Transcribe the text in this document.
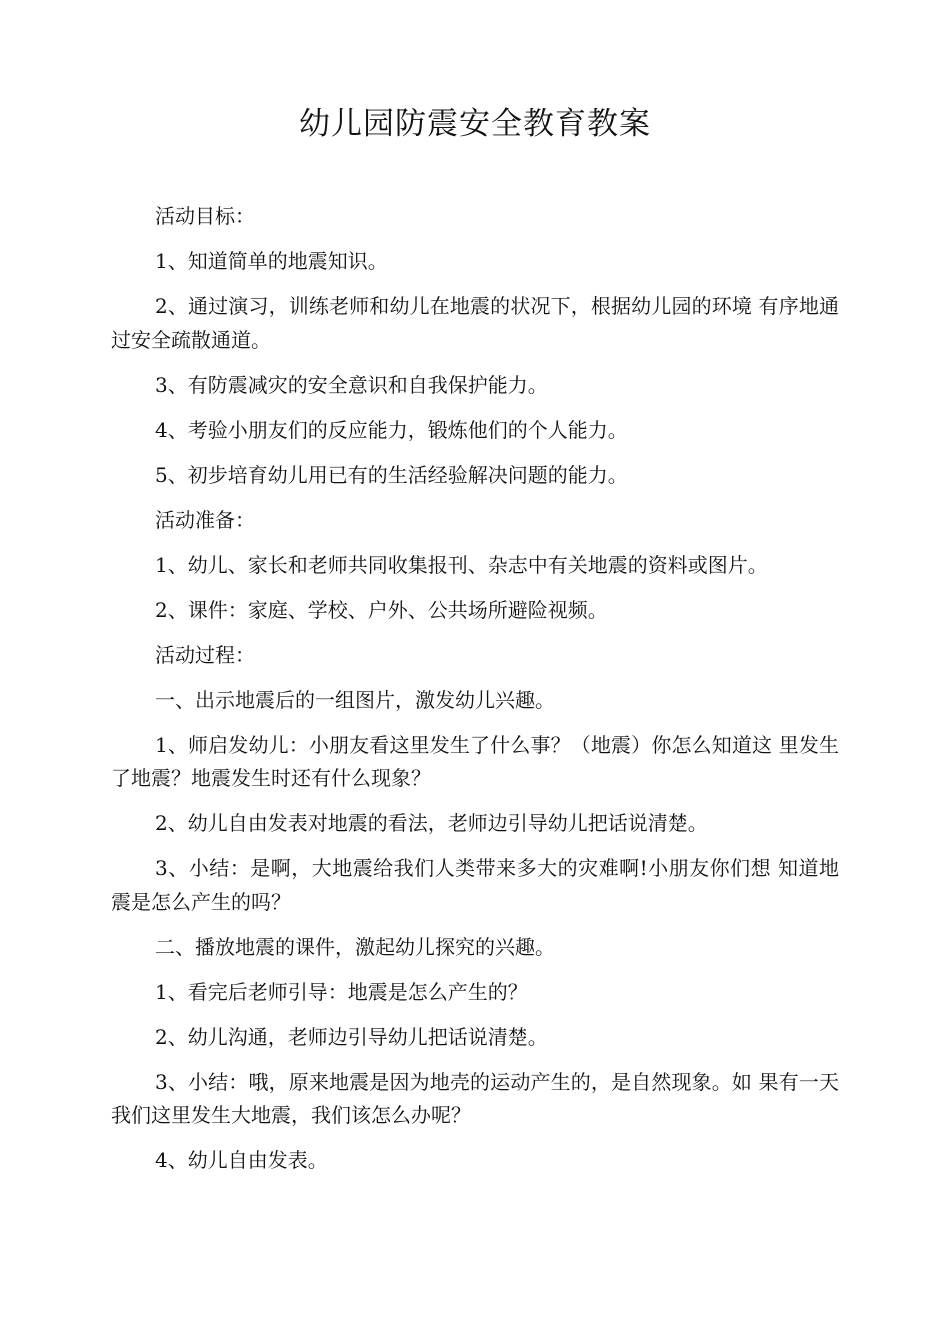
幼儿园防震安全教育教案

活动目标：

1、知道简单的地震知识。

2、通过演习，训练老师和幼儿在地震的状况下，根据幼儿园的环境 有序地通过安全疏散通道。

3、有防震减灾的安全意识和自我保护能力。

4、考验小朋友们的反应能力，锻炼他们的个人能力。

5、初步培育幼儿用已有的生活经验解决问题的能力。

活动准备：

1、幼儿、家长和老师共同收集报刊、杂志中有关地震的资料或图片。

2、课件：家庭、学校、户外、公共场所避险视频。

活动过程：

一、出示地震后的一组图片，激发幼儿兴趣。

1、师启发幼儿：小朋友看这里发生了什么事？（地震）你怎么知道这 里发生了地震？地震发生时还有什么现象？

2、幼儿自由发表对地震的看法，老师边引导幼儿把话说清楚。

3、小结：是啊，大地震给我们人类带来多大的灾难啊!小朋友你们想 知道地震是怎么产生的吗？

二、播放地震的课件，激起幼儿探究的兴趣。

1、看完后老师引导：地震是怎么产生的？

2、幼儿沟通，老师边引导幼儿把话说清楚。

3、小结：哦，原来地震是因为地壳的运动产生的，是自然现象。如 果有一天我们这里发生大地震，我们该怎么办呢？

4、幼儿自由发表。
